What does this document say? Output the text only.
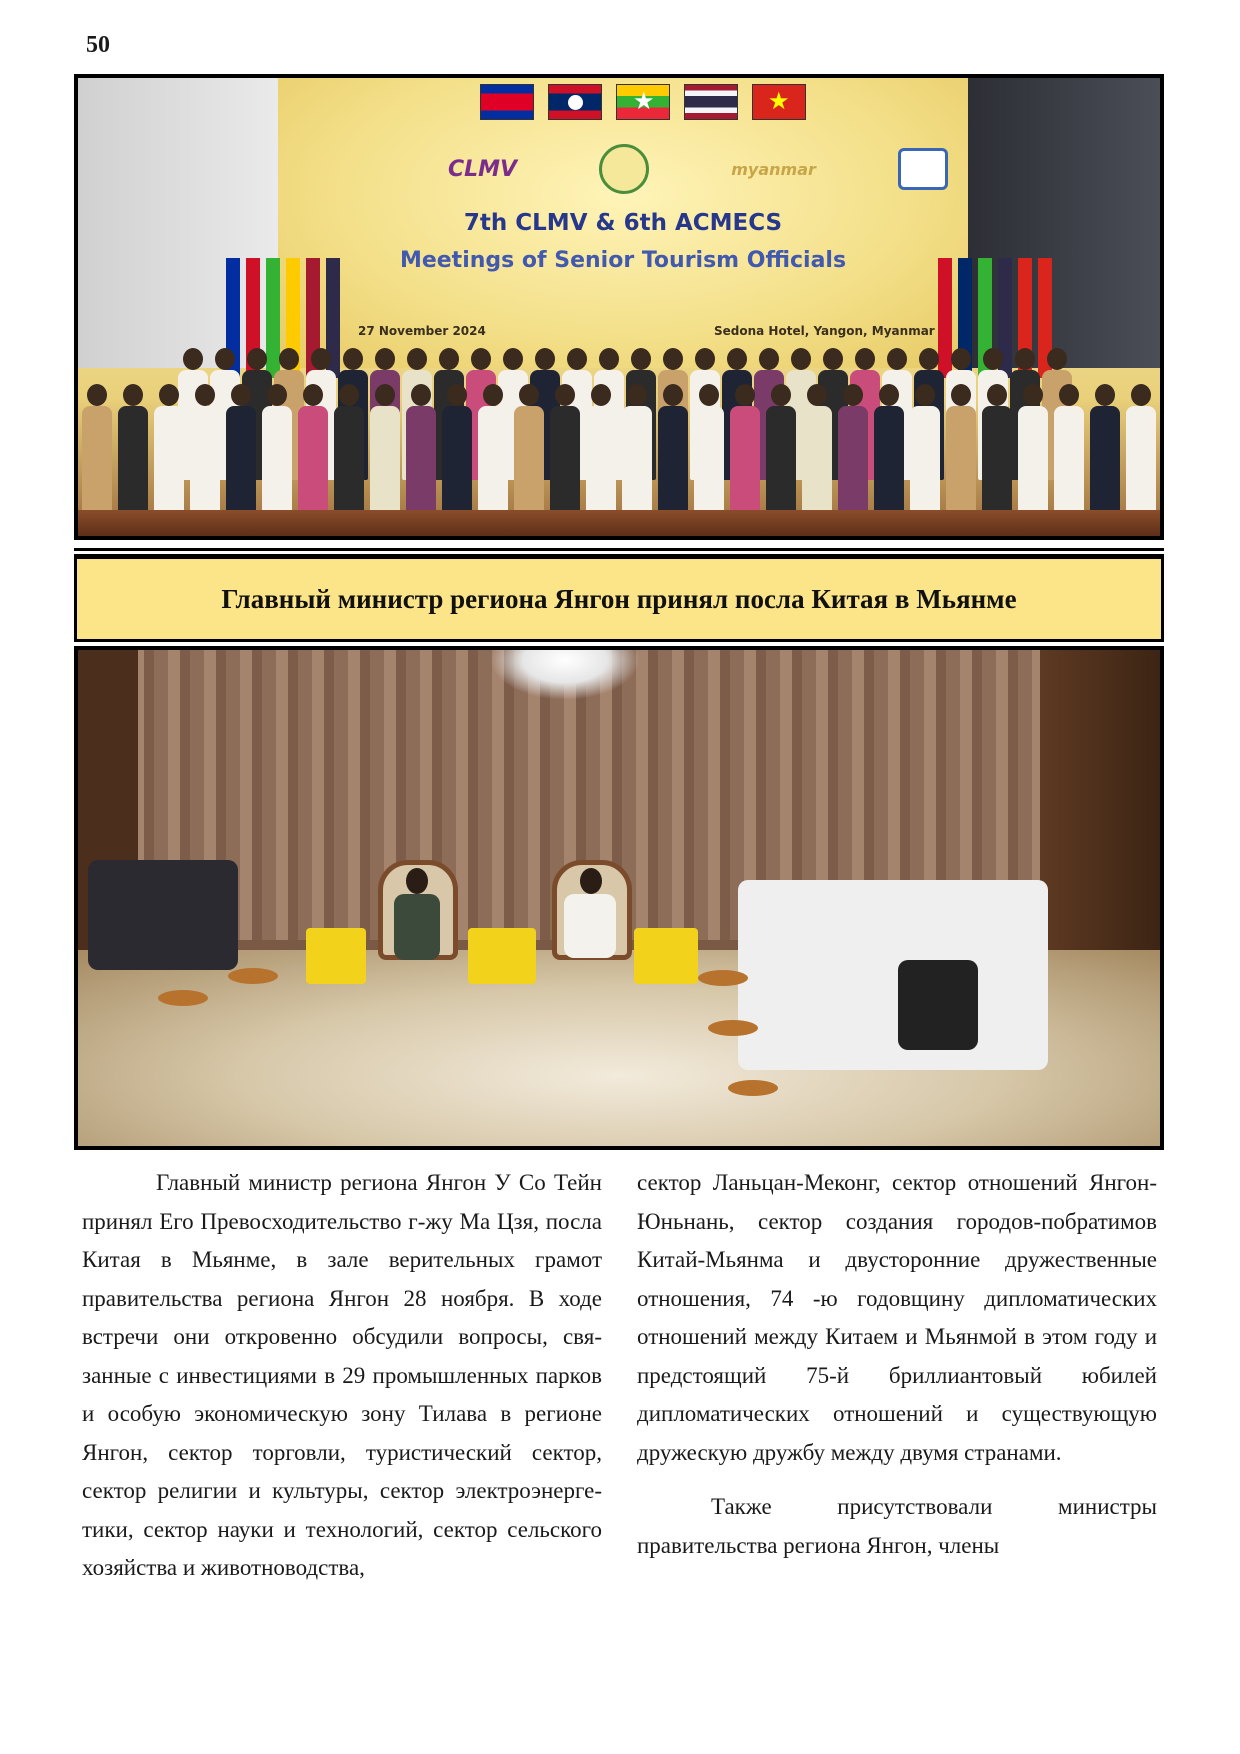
50
★
★
CLMV	myanmar
7th CLMV & 6th ACMECS
Meetings of Senior Tourism Officials
27 November 2024	Sedona Hotel, Yangon, Myanmar
Главный министр региона Янгон принял посла Китая в Мьянме

Главный министр региона Янгон У Со Тейн принял Его Превосходительство г-жу Ма Цзя, посла Китая в Мьянме, в зале верительных грамот правительства региона Янгон 28 ноября. В ходе встречи они откровенно обсудили вопросы, связанные с инвестициями в 29 промышленных парков и особую экономическую зону Тилава в регионе Янгон, сектор торговли, туристический сектор, сектор религии и культуры, сектор электроэнергетики, сектор науки и технологий, сектор сельского хозяйства и животноводства,

сектор Ланьцан-Меконг, сектор отношений Янгон-Юньнань, сектор создания городов-побратимов Китай-Мьянма и двусторонние дружественные отношения, 74 -ю годовщину дипломатических отношений между Китаем и Мьянмой в этом году и предстоящий 75-й бриллиантовый юбилей дипломатических отношений и существующую дружескую дружбу между двумя странами.

Также присутствовали министры правительства региона Янгон, члены
